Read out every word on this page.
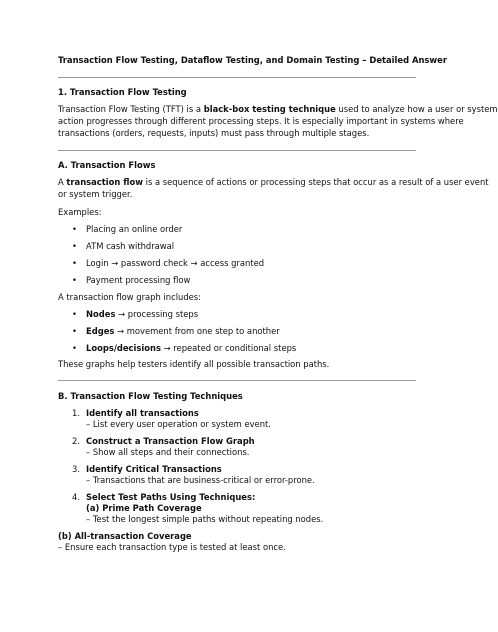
Transaction Flow Testing, Dataflow Testing, and Domain Testing – Detailed Answer
1. Transaction Flow Testing
Transaction Flow Testing (TFT) is a black-box testing technique used to analyze how a user or system
action progresses through different processing steps. It is especially important in systems where
transactions (orders, requests, inputs) must pass through multiple stages.
A. Transaction Flows
A transaction flow is a sequence of actions or processing steps that occur as a result of a user event
or system trigger.
Examples:
• Placing an online order
• ATM cash withdrawal
• Login → password check → access granted
• Payment processing flow
A transaction flow graph includes:
• Nodes → processing steps
• Edges → movement from one step to another
• Loops/decisions → repeated or conditional steps
These graphs help testers identify all possible transaction paths.
B. Transaction Flow Testing Techniques
1. Identify all transactions
– List every user operation or system event.
2. Construct a Transaction Flow Graph
– Show all steps and their connections.
3. Identify Critical Transactions
– Transactions that are business-critical or error-prone.
4. Select Test Paths Using Techniques:
(a) Prime Path Coverage
– Test the longest simple paths without repeating nodes.
(b) All-transaction Coverage
– Ensure each transaction type is tested at least once.
